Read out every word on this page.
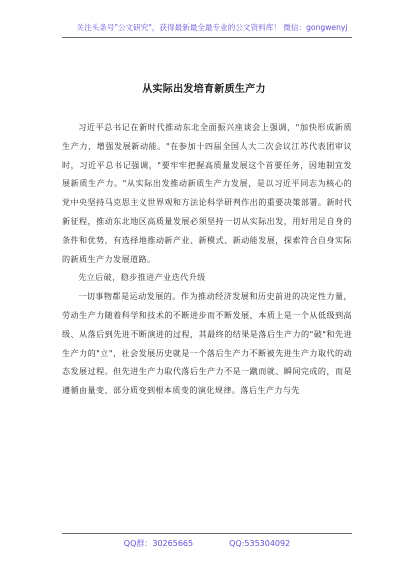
关注头条号"公文研究"，获得最新最全最专业的公文资料库！ 微信：gongwenyj
从实际出发培育新质生产力

习近平总书记在新时代推动东北全面振兴座谈会上强调，"加快形成新质生产力，增强发展新动能。"在参加十四届全国人大二次会议江苏代表团审议时，习近平总书记强调，"要牢牢把握高质量发展这个首要任务，因地制宜发展新质生产力。"从实际出发推动新质生产力发展，是以习近平同志为核心的党中央坚持马克思主义世界观和方法论科学研判作出的重要决策部署。新时代新征程，推动东北地区高质量发展必须坚持一切从实际出发，用好用足自身的条件和优势，有选择地推动新产业、新模式、新动能发展，探索符合自身实际的新质生产力发展道路。

先立后破，稳步推进产业迭代升级

一切事物都是运动发展的。作为推动经济发展和历史前进的决定性力量，劳动生产力随着科学和技术的不断进步而不断发展，本质上是一个从低级到高级、从落后到先进不断演进的过程，其最终的结果是落后生产力的"破"和先进生产力的"立"，社会发展历史就是一个落后生产力不断被先进生产力取代的动态发展过程。但先进生产力取代落后生产力不是一蹴而就、瞬间完成的，而是遵循由量变、部分质变到根本质变的演化规律。落后生产力与先

QQ群：30265665	QQ:535304092
